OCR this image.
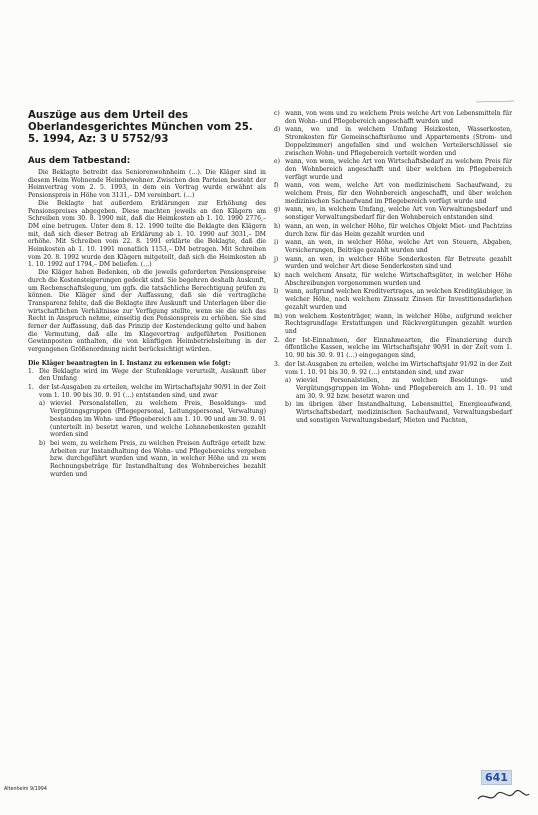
Auszüge aus dem Urteil des Oberlandesgerichtes München vom 25. 5. 1994, Az: 3 U 5752/93
Aus dem Tatbestand:

Die Beklagte betreibt das Seniorenwohnheim (…). Die Kläger sind in diesem Heim Wohnende Heimbewohner. Zwischen den Parteien besteht der Heimvertrag vom 2. 5. 1993, in dem ein Vertrag wurde erwähnt als Pensionspreis in Höhe von 3131,– DM vereinbart. (…)

Die Beklagte hat außerdem Erklärungen zur Erhöhung des Pensionspreises abgegeben. Diese machten jeweils an den Klägern am Schreiben vom 30. 8. 1990 mit, daß die Heimkosten ab 1. 10. 1990 2776,– DM eine betrugen. Unter dem 8. 12. 1990 teilte die Beklagte den Klägern mit, daß sich dieser Betrag ab Erklärung ab 1. 10. 1990 auf 3031,– DM erhöhe. Mit Schreiben vom 22. 8. 1991 erklärte die Beklagte, daß die Heimkosten ab 1. 10. 1991 monatlich 1153,– DM betragen. Mit Schreiben vom 20. 8. 1992 wurde den Klägern mitgeteilt, daß sich die Heimkosten ab 1. 10. 1992 auf 1794,– DM beliefen. (…)

Die Kläger haben Bedenken, ob die jeweils geforderten Pensionspreise durch die Kostensteigerungen gedeckt sind. Sie begehren deshalb Auskunft, um Rechenschaftslegung, um ggfs. die tatsächliche Berechtigung prüfen zu können. Die Kläger sind der Auffassung, daß sie die vertragliche Transparenz fehlte, daß die Beklagte ihre Auskunft und Unterlagen über die wirtschaftlichen Verhältnisse zur Verfügung stellte, wenn sie die sich das Recht in Anspruch nehme, einseitig den Pensionspreis zu erhöhen. Sie sind ferner der Auffassung, daß das Prinzip der Kostendeckung gelte und haben die Vermutung, daß alle im Klagevortrag aufgeführten Positionen Gewinnposten enthalten, die von künftigen Heimbetriebsleitung in der vergangenen Größenordnung nicht berücksichtigt würden.

Die Kläger beantragten in I. Instanz zu erkennen wie folgt:

1. Die Beklagte wird im Wege der Stufenklage verurteilt, Auskunft über den Umfang
1. der Ist-Ausgaben zu erteilen, welche im Wirtschaftsjahr 90/91 in der Zeit vom 1. 10. 90 bis 30. 9. 91 (…) entstanden sind, und zwar
a) wieviel Personalstellen, zu welchem Preis, Besoldungs- und Vergütungsgruppen (Pflegepersonal, Leitungspersonal, Verwaltung) bestanden im Wohn- und Pflegebereich am 1. 10. 90 und am 30. 9. 91 (unterteilt in) besetzt waren, und welche Lohnnebenkosten gezahlt worden sind
b) bei wem, zu welchem Preis, zu welchen Preisen Aufträge erteilt bzw. Arbeiten zur Instandhaltung des Wohn- und Pflegebereichs vergeben bzw. durchgeführt wurden und wann, in welcher Höhe und zu wem Rechnungsbeträge für Instandhaltung des Wohnbereiches bezahlt wurden und
c) wann, von wem und zu welchem Preis welche Art von Lebensmitteln für den Wohn- und Pflegebereich angeschafft wurden und
d) wann, wo und in welchem Umfang Heizkosten, Wasserkosten, Stromkosten für Gemeinschaftsräume und Appartements (Strom- und Doppelzimmer) angefallen sind und welchen Verteilerschlüssel sie zwischen Wohn- und Pflegebereich verteilt worden und
e) wann, von wem, welche Art von Wirtschaftsbedarf zu welchem Preis für den Wohnbereich angeschafft und über welchen im Pflegebereich verfügt wurde und
f) wann, von wem, welche Art von medizinischem Sachaufwand, zu welchem Preis, für den Wohnbereich angeschafft, und über welchen medizinischen Sachaufwand im Pflegebereich verfügt wurde und
g) wann, wo, in welchem Umfang, welche Art von Verwaltungsbedarf und sonstiger Verwaltungsbedarf für den Wohnbereich entstanden sind
h) wann, an wen, in welcher Höhe, für welches Objekt Miet- und Pachtzins durch bzw. für das Heim gezahlt wurden und
i) wann, an wen, in welcher Höhe, welche Art von Steuern, Abgaben, Versicherungen, Beiträge gezahlt wurden und
j) wann, an wen, in welcher Höhe Sonderkosten für Betreute gezahlt wurden und welcher Art diese Sonderkosten sind und
k) nach welchem Ansatz, für welche Wirtschaftsgüter, in welcher Höhe Abschreibungen vorgenommen wurden und
l) wann, aufgrund welchen Kreditvertrages, an welchen Kreditgläubiger, in welcher Höhe, nach welchem Zinssatz Zinsen für Investitionsdarlehen gezahlt wurden und
m) von welchem Kostenträger, wann, in welcher Höhe, aufgrund welcher Rechtsgrundlage Erstattungen und Rückvergütungen gezahlt wurden und
2. der Ist-Einnahmen, der Einnahmearten, die Finanzierung durch öffentliche Kassen, welche im Wirtschaftsjahr 90/91 in der Zeit vom 1. 10. 90 bis 30. 9. 91 (…) eingegangen sind,
3. der Ist-Ausgaben zu erteilen, welche im Wirtschaftsjahr 91/92 in der Zeit vom 1. 10. 91 bis 30. 9. 92 (…) entstanden sind, und zwar
a) wieviel Personalstellen, zu welchen Besoldungs- und Vergütungsgruppen im Wohn- und Pflegebereich am 1. 10. 91 und am 30. 9. 92 bzw. besetzt waren und
b) im übrigen über Instandhaltung, Lebensmittel, Energieaufwand, Wirtschaftsbedarf, medizinischen Sachaufwand, Verwaltungsbedarf und sonstigen Verwaltungsbedarf, Mieten und Pachten,
Altenheim 9/1994
641
